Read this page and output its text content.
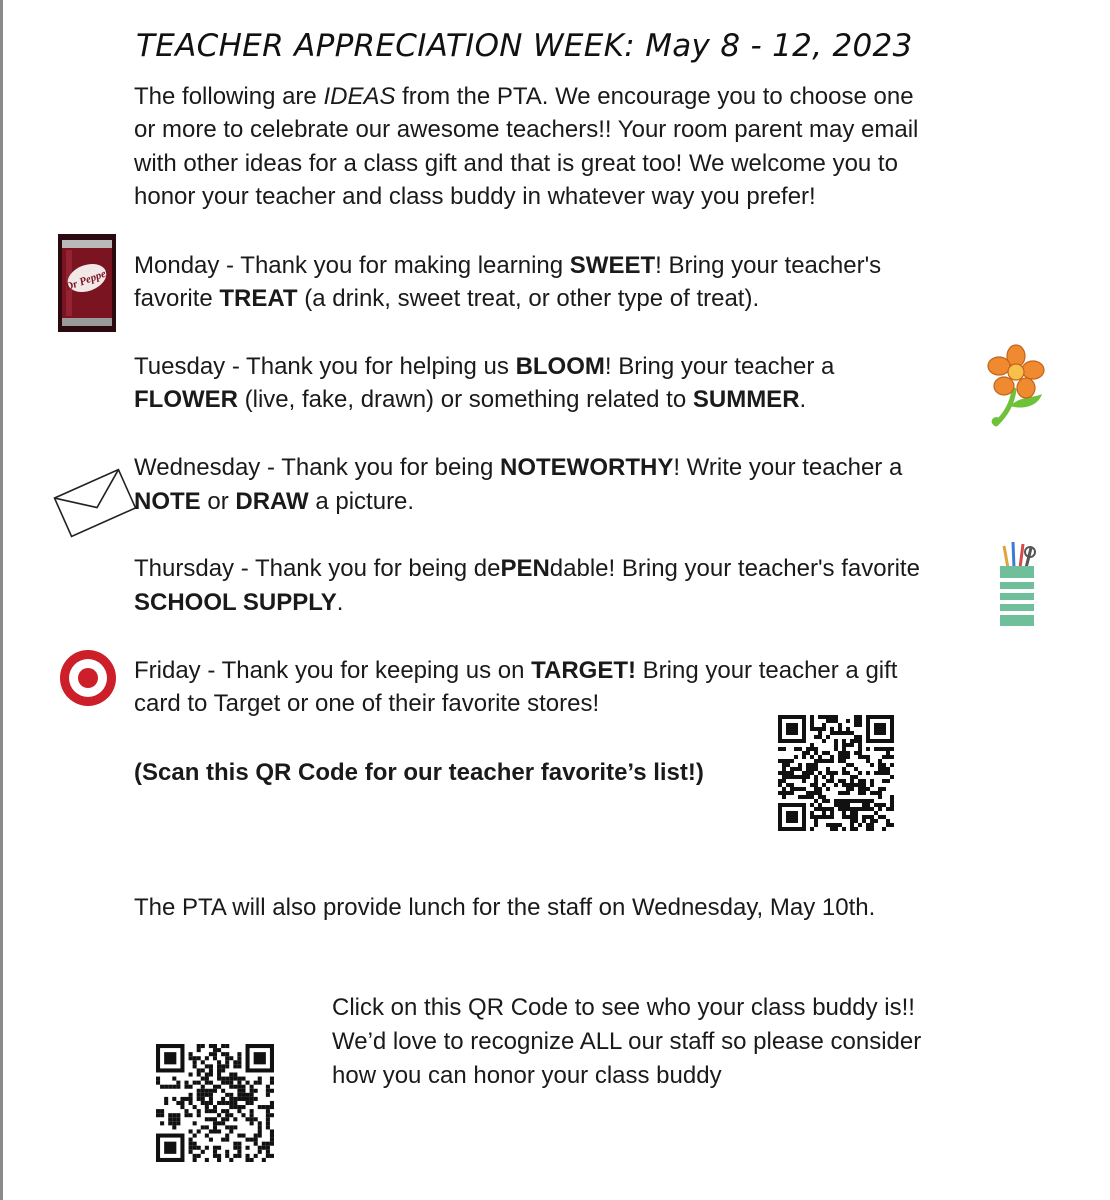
TEACHER APPRECIATION WEEK: May 8 - 12, 2023

The following are IDEAS from the PTA. We encourage you to choose one

or more to celebrate our awesome teachers!! Your room parent may email

with other ideas for a class gift and that is great too! We welcome you to

honor your teacher and class buddy in whatever way you prefer!

Dr Pepper

Monday - Thank you for making learning SWEET! Bring your teacher's

favorite TREAT (a drink, sweet treat, or other type of treat).

Tuesday - Thank you for helping us BLOOM! Bring your teacher a

FLOWER (live, fake, drawn) or something related to SUMMER.

Wednesday - Thank you for being NOTEWORTHY! Write your teacher a

NOTE or DRAW a picture.

Thursday - Thank you for being dePENdable! Bring your teacher's favorite

SCHOOL SUPPLY.

Friday - Thank you for keeping us on TARGET! Bring your teacher a gift

card to Target or one of their favorite stores!

(Scan this QR Code for our teacher favorite’s list!)

The PTA will also provide lunch for the staff on Wednesday, May 10th.

Click on this QR Code to see who your class buddy is!!

We’d love to recognize ALL our staff so please consider

how you can honor your class buddy
